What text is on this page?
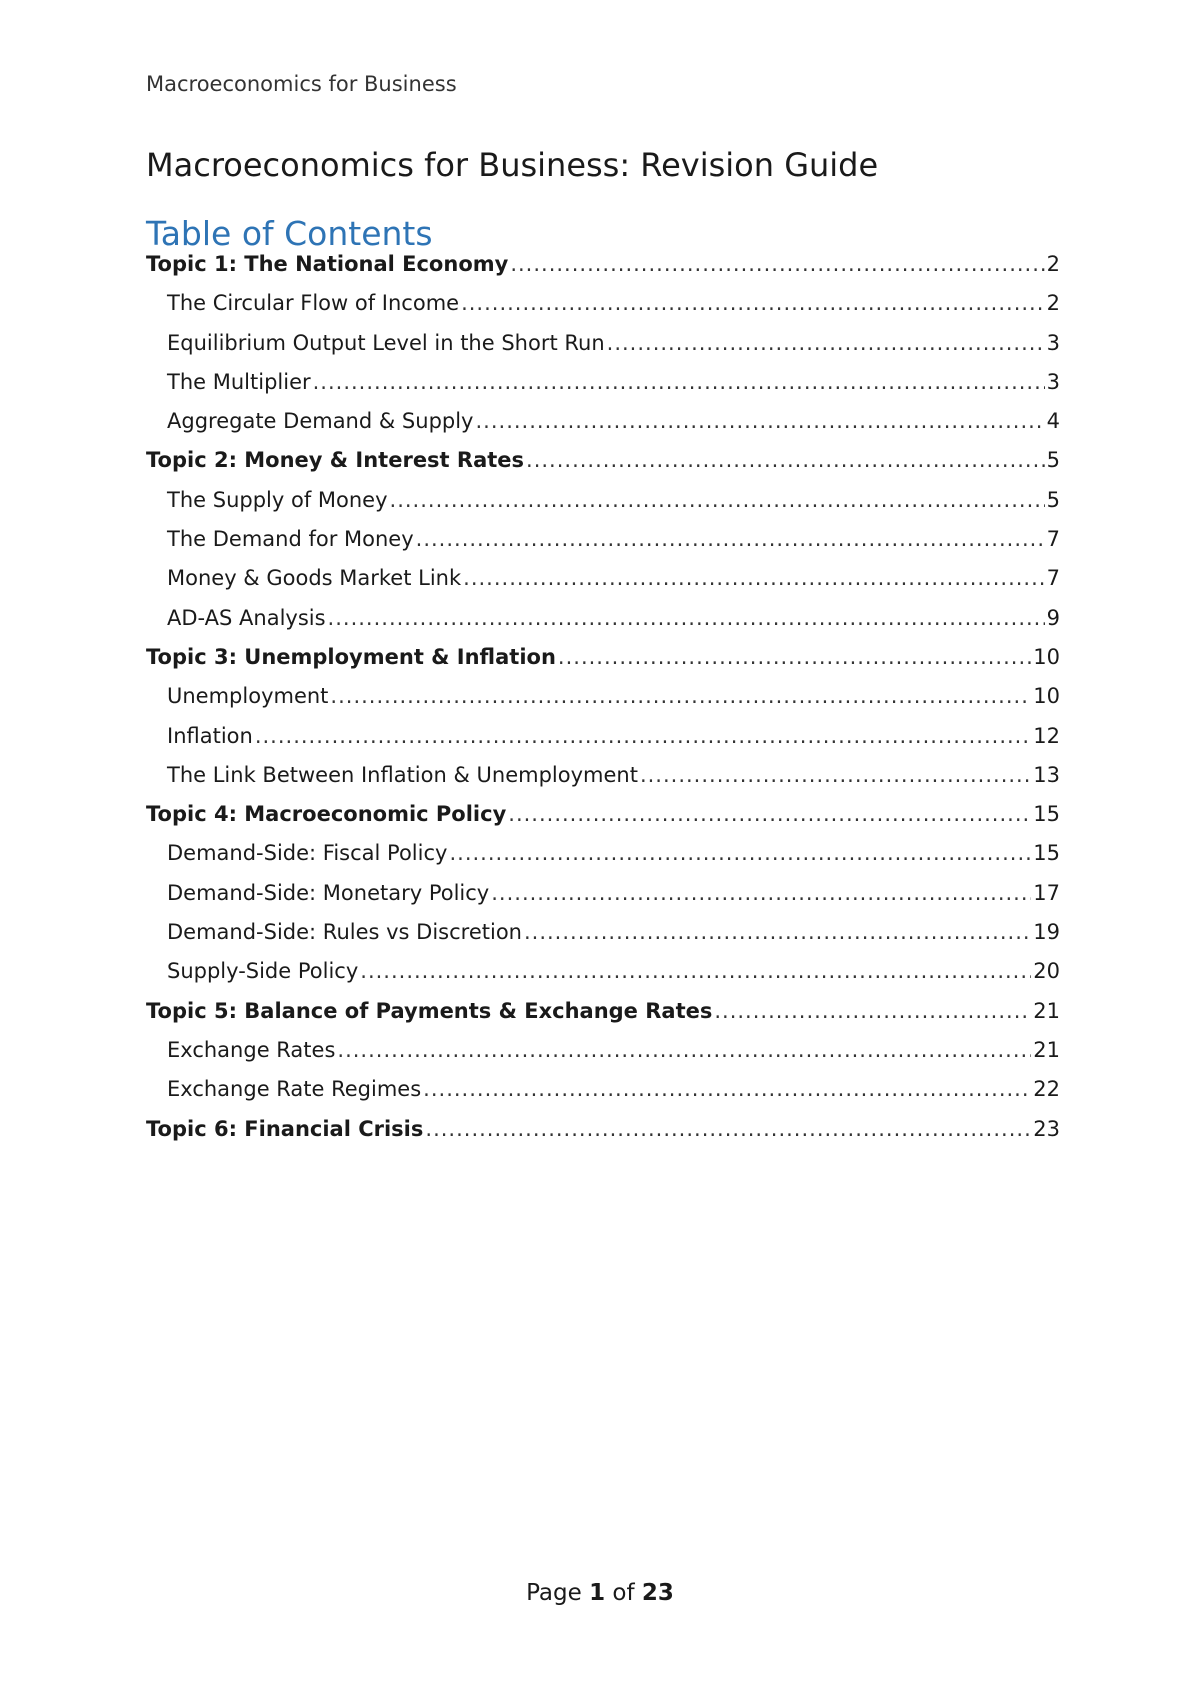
Macroeconomics for Business
Macroeconomics for Business: Revision Guide
Table of Contents
Topic 1: The National Economy .....	2
The Circular Flow of Income .....	2
Equilibrium Output Level in the Short Run .....	3
The Multiplier .....	3
Aggregate Demand & Supply .....	4
Topic 2: Money & Interest Rates .....	5
The Supply of Money .....	5
The Demand for Money .....	7
Money & Goods Market Link .....	7
AD-AS Analysis .....	9
Topic 3: Unemployment & Inflation .....	10
Unemployment .....	10
Inflation .....	12
The Link Between Inflation & Unemployment .....	13
Topic 4: Macroeconomic Policy .....	15
Demand-Side: Fiscal Policy .....	15
Demand-Side: Monetary Policy .....	17
Demand-Side: Rules vs Discretion .....	19
Supply-Side Policy .....	20
Topic 5: Balance of Payments & Exchange Rates .....	21
Exchange Rates .....	21
Exchange Rate Regimes .....	22
Topic 6: Financial Crisis .....	23
Page 1 of 23
